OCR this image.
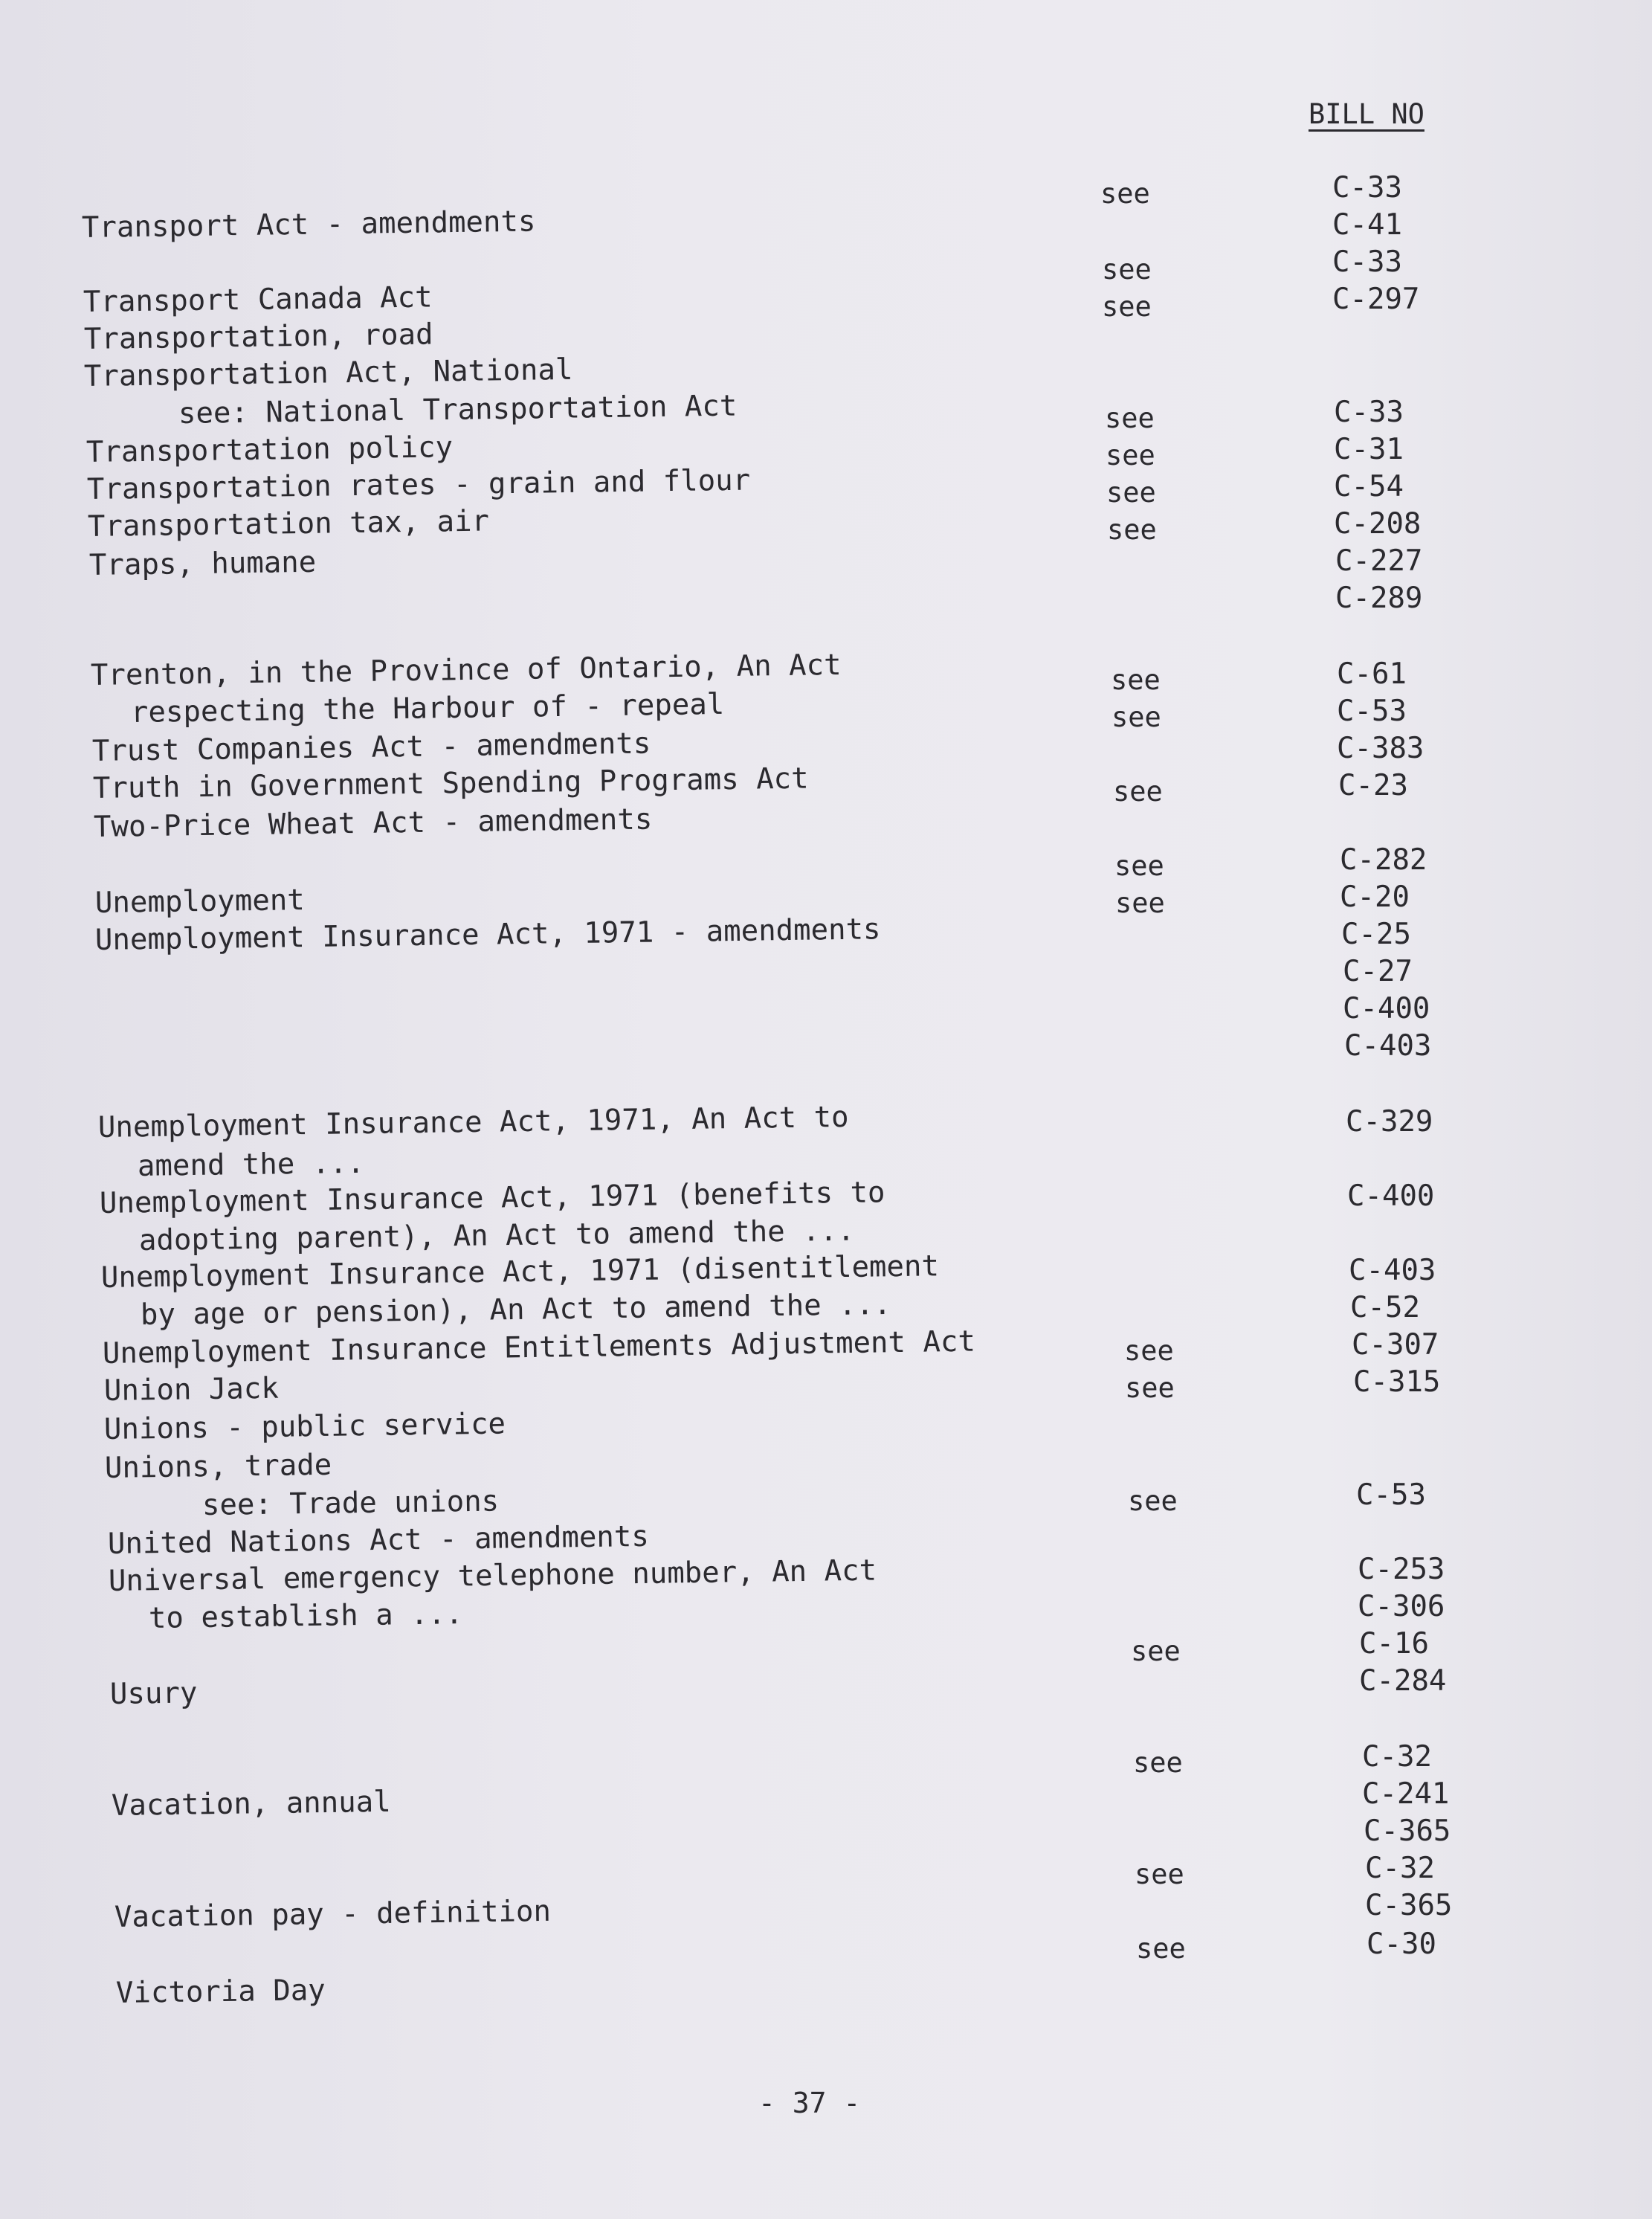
BILL NO
Transport Act - amendments
Transport Canada Act
Transportation, road
Transportation Act, National
see: National Transportation Act
Transportation policy
Transportation rates - grain and flour
Transportation tax, air
Traps, humane
Trenton, in the Province of Ontario, An Act
respecting the Harbour of - repeal
Trust Companies Act - amendments
Truth in Government Spending Programs Act
Two-Price Wheat Act - amendments
Unemployment
Unemployment Insurance Act, 1971 - amendments
Unemployment Insurance Act, 1971, An Act to
amend the ...
Unemployment Insurance Act, 1971 (benefits to
adopting parent), An Act to amend the ...
Unemployment Insurance Act, 1971 (disentitlement
by age or pension), An Act to amend the ...
Unemployment Insurance Entitlements Adjustment Act
Union Jack
Unions - public service
Unions, trade
see: Trade unions
United Nations Act - amendments
Universal emergency telephone number, An Act
to establish a ...
Usury
Vacation, annual
Vacation pay - definition
Victoria Day
see
see
see
see
see
see
see
see
see
see
see
see
see
see
see
see
see
see
see
C-33
C-41
C-33
C-297
C-33
C-31
C-54
C-208
C-227
C-289
C-61
C-53
C-383
C-23
C-282
C-20
C-25
C-27
C-400
C-403
C-329
C-400
C-403
C-52
C-307
C-315
C-53
C-253
C-306
C-16
C-284
C-32
C-241
C-365
C-32
C-365
C-30
- 37 -
